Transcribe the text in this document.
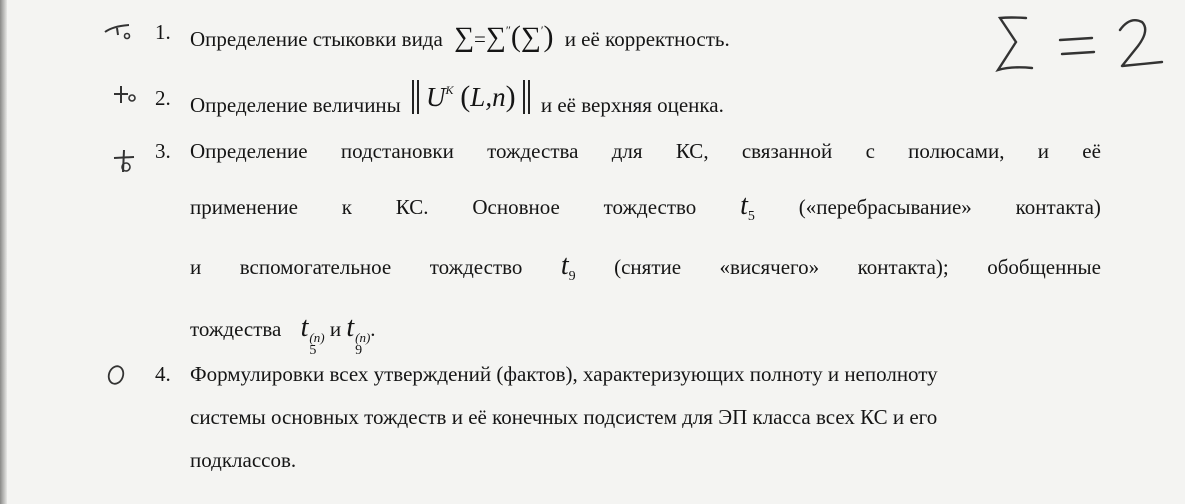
1. Определение стыковки вида ∑=∑″(∑′) и её корректность.
2. Определение величины $U^K$ (L,n) и её верхняя оценка.
3. Определение подстановки тождества для КС, связанной с полюсами, и её
применение к КС. Основное тождество $t_5$ («перебрасывание» контакта)
и вспомогательное тождество $t_9$ (снятие «висячего» контакта); обобщенные
тождества t (n)
5
и t (n)
9
.
4. Формулировки всех утверждений (фактов), характеризующих полноту и неполноту
системы основных тождеств и её конечных подсистем для ЭП класса всех КС и его
подклассов.
